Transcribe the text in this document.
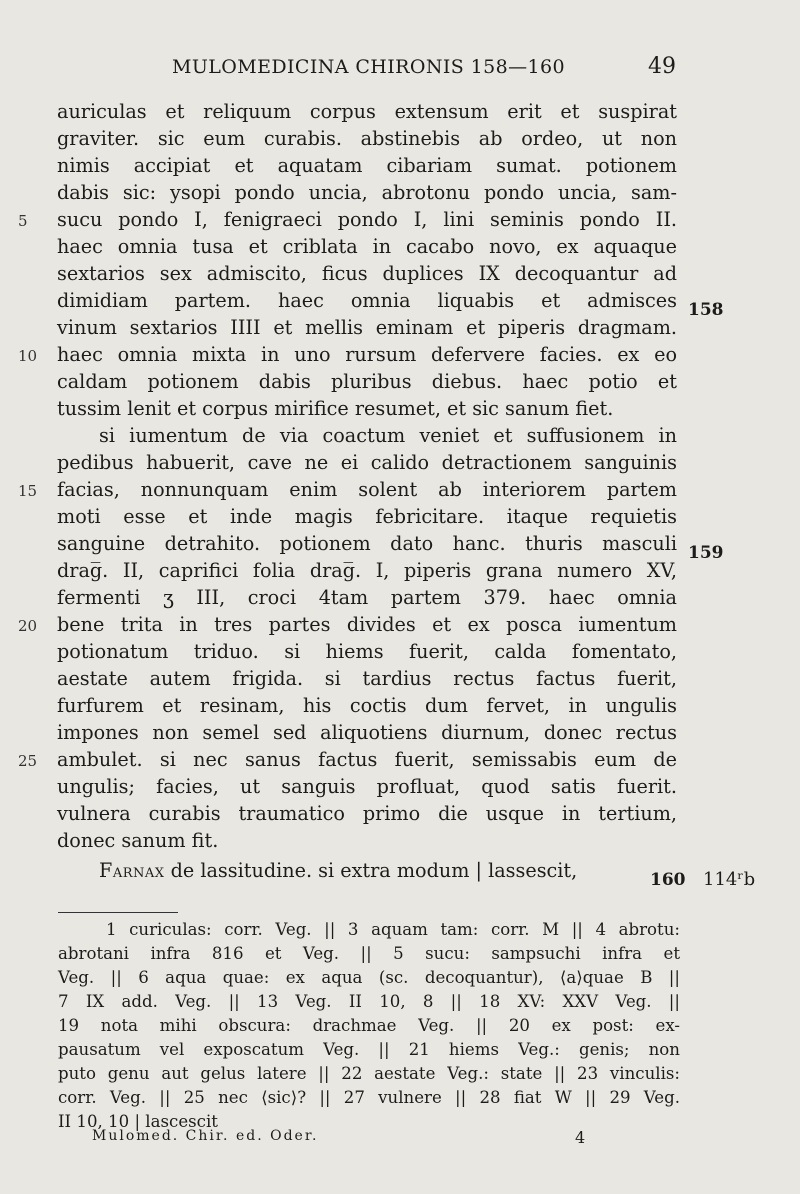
MULOMEDICINA CHIRONIS 158—160	49
auriculas et reliquum corpus extensum erit et suspirat
graviter. sic eum curabis. abstinebis ab ordeo, ut non
nimis accipiat et aquatam cibariam sumat. potionem
dabis sic: ysopi pondo uncia, abrotonu pondo uncia, sam-
sucu pondo I, fenigraeci pondo I, lini seminis pondo II.
haec omnia tusa et criblata in cacabo novo, ex aquaque
sextarios sex admiscito, ficus duplices IX decoquantur ad
dimidiam partem. haec omnia liquabis et admisces
vinum sextarios IIII et mellis eminam et piperis dragmam.
haec omnia mixta in uno rursum defervere facies. ex eo
caldam potionem dabis pluribus diebus. haec potio et
tussim lenit et corpus mirifice resumet, et sic sanum fiet.
si iumentum de via coactum veniet et suffusionem in
pedibus habuerit, cave ne ei calido detractionem sanguinis
facias, nonnunquam enim solent ab interiorem partem
moti esse et inde magis febricitare. itaque requietis
sanguine detrahito. potionem dato hanc. thuris masculi
drag̅. II, caprifici folia drag̅. I, piperis grana numero XV,
fermenti ʒ III, croci 4tam partem 379. haec omnia
bene trita in tres partes divides et ex posca iumentum
potionatum triduo. si hiems fuerit, calda fomentato,
aestate autem frigida. si tardius rectus factus fuerit,
furfurem et resinam, his coctis dum fervet, in ungulis
impones non semel sed aliquotiens diurnum, donec rectus
ambulet. si nec sanus factus fuerit, semissabis eum de
ungulis; facies, ut sanguis profluat, quod satis fuerit.
vulnera curabis traumatico primo die usque in tertium,
donec sanum fit.
Farnax de lassitudine. si extra modum | lassescit,
5
10
15
20
25
158
159
160 114ʳb
1 curiculas: corr. Veg. || 3 aquam tam: corr. M || 4 abrotu:
abrotani infra 816 et Veg. || 5 sucu: sampsuchi infra et
Veg. || 6 aqua quae: ex aqua (sc. decoquantur), ⟨a⟩quae B ||
7 IX add. Veg. || 13 Veg. II 10, 8 || 18 XV: XXV Veg. ||
19 nota mihi obscura: drachmae Veg. || 20 ex post: ex-
pausatum vel exposcatum Veg. || 21 hiems Veg.: genis; non
puto genu aut gelus latere || 22 aestate Veg.: state || 23 vinculis:
corr. Veg. || 25 nec ⟨sic⟩? || 27 vulnere || 28 fiat W || 29 Veg.
II 10, 10 | lascescit
Mulomed. Chir. ed. Oder.	4
